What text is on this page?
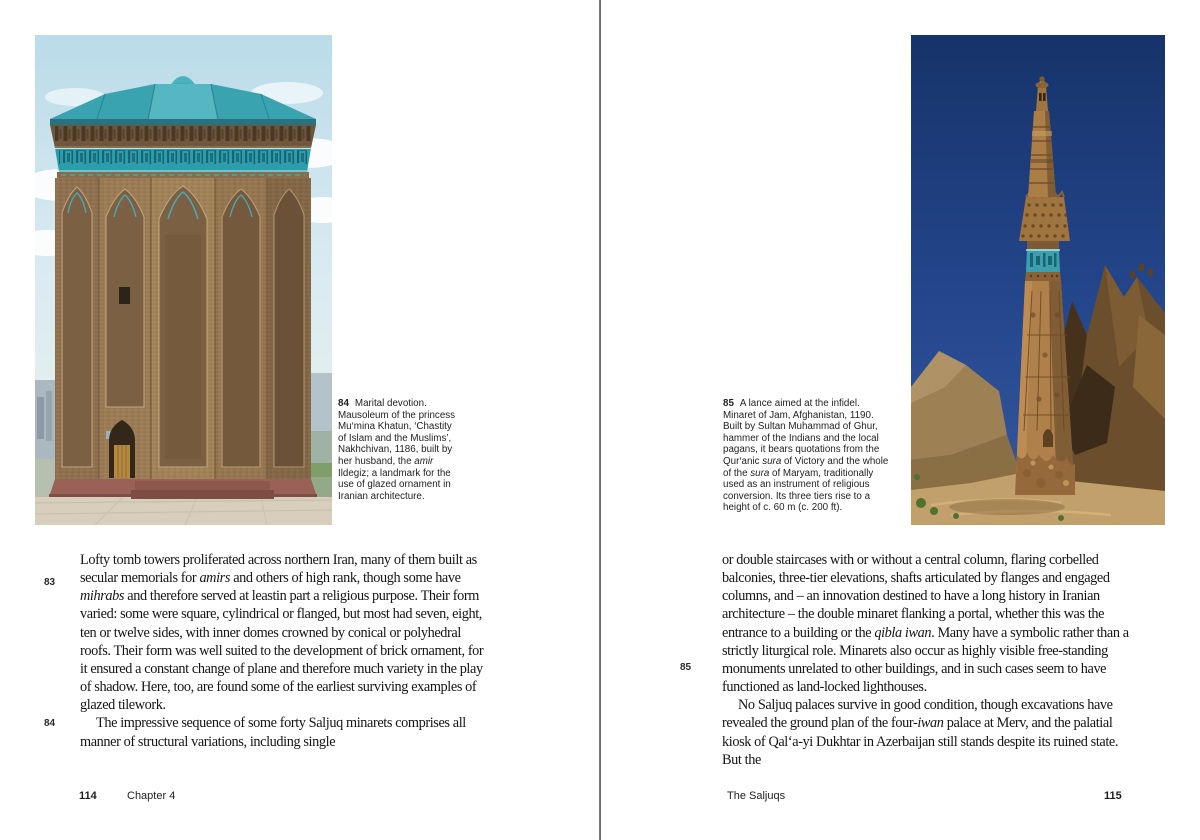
84 Marital devotion. Mausoleum of the princess Mu‘mina Khatun, ‘Chastity of Islam and the Muslims’, Nakhchivan, 1186, built by her husband, the amir Ildegiz; a landmark for the use of glazed ornament in Iranian architecture.
83
84

Lofty tomb towers proliferated across northern Iran, many of them built as secular memorials for amirs and others of high rank, though some have mihrabs and therefore served at leastin part a religious purpose. Their form varied: some were square, cylindrical or flanged, but most had seven, eight, ten or twelve sides, with inner domes crowned by conical or polyhedral roofs. Their form was well suited to the development of brick ornament, for it ensured a constant change of plane and therefore much variety in the play of shadow. Here, too, are found some of the earliest surviving examples of glazed tilework.

The impressive sequence of some forty Saljuq minarets comprises all manner of structural variations, including single

114	Chapter 4
85 A lance aimed at the infidel. Minaret of Jam, Afghanistan, 1190. Built by Sultan Muhammad of Ghur, hammer of the Indians and the local pagans, it bears quotations from the Qur‘anic sura of Victory and the whole of the sura of Maryam, traditionally used as an instrument of religious conversion. Its three tiers rise to a height of c. 60 m (c. 200 ft).
85

or double staircases with or without a central column, flaring corbelled balconies, three-tier elevations, shafts articulated by flanges and engaged columns, and – an innovation destined to have a long history in Iranian architecture – the double minaret flanking a portal, whether this was the entrance to a building or the qibla iwan. Many have a symbolic rather than a strictly liturgical role. Minarets also occur as highly visible free-standing monuments unrelated to other buildings, and in such cases seem to have functioned as land-locked lighthouses.

No Saljuq palaces survive in good condition, though excavations have revealed the ground plan of the four-iwan palace at Merv, and the palatial kiosk of Qal‘a-yi Dukhtar in Azerbaijan still stands despite its ruined state. But the

The Saljuqs	115
